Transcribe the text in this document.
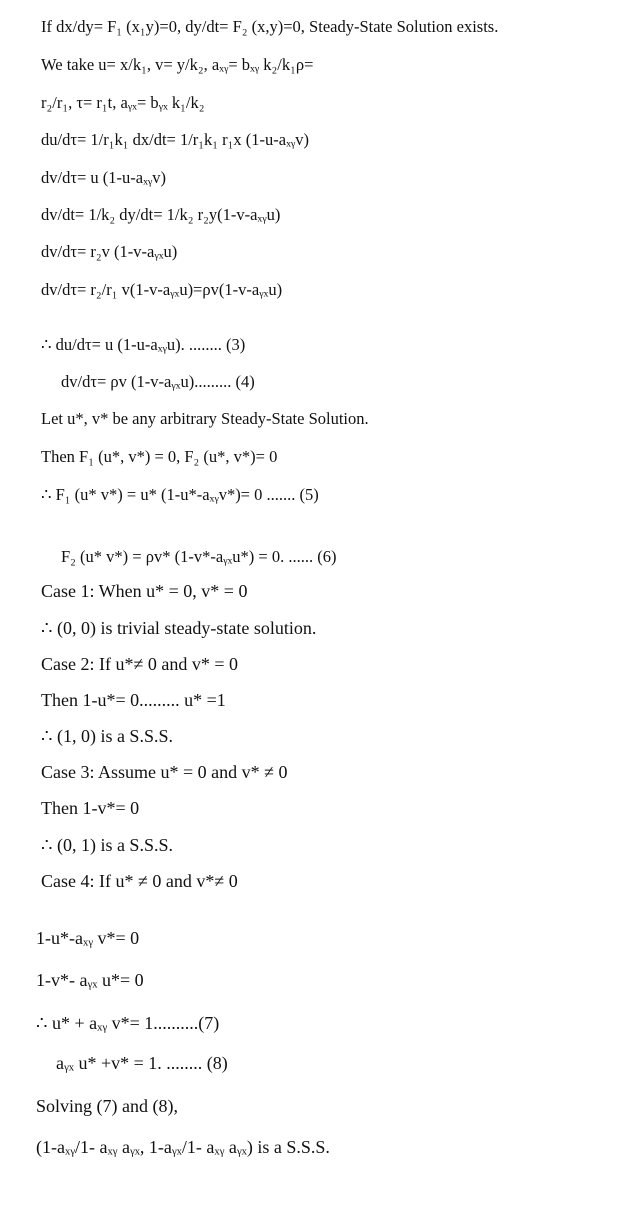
If dx/dy= F₁ (x₁y)=0, dy/dt= F₂ (x,y)=0, Steady-State Solution exists.
We take u= x/k₁, v= y/k₂, aₓᵧ= bₓᵧ k₂/k₁ρ=
r₂/r₁, τ= r₁t, aᵧₓ= bᵧₓ k₁/k₂
du/dτ= 1/r₁k₁ dx/dt= 1/r₁k₁ r₁x (1-u-aₓᵧv)
dv/dτ= u (1-u-aₓᵧv)
dv/dt= 1/k₂ dy/dt= 1/k₂ r₂y(1-v-aₓᵧu)
dv/dτ= r₂v (1-v-aᵧₓu)
dv/dτ= r₂/r₁ v(1-v-aᵧₓu)=ρv(1-v-aᵧₓu)
∴ du/dτ= u (1-u-aₓᵧu). ........ (3)
dv/dτ= ρv (1-v-aᵧₓu)......... (4)
Let u*, v* be any arbitrary Steady-State Solution.
Then F₁ (u*, v*) = 0, F₂ (u*, v*)= 0
∴ F₁ (u* v*) = u* (1-u*-aₓᵧv*)= 0 ....... (5)
F₂ (u* v*) = ρv* (1-v*-aᵧₓu*) = 0. ...... (6)
Case 1: When u* = 0, v* = 0
∴ (0, 0) is trivial steady-state solution.
Case 2: If u*≠ 0 and v* = 0
Then 1-u*= 0......... u* =1
∴ (1, 0) is a S.S.S.
Case 3: Assume u* = 0 and v* ≠ 0
Then 1-v*= 0
∴ (0, 1) is a S.S.S.
Case 4: If u* ≠ 0 and v*≠ 0
1-u*-aₓᵧ v*= 0
1-v*- aᵧₓ u*= 0
∴ u* + aₓᵧ v*= 1..........(7)
aᵧₓ u* +v* = 1. ........ (8)
Solving (7) and (8),
(1-aₓᵧ/1- aₓᵧ aᵧₓ, 1-aᵧₓ/1- aₓᵧ aᵧₓ) is a S.S.S.
